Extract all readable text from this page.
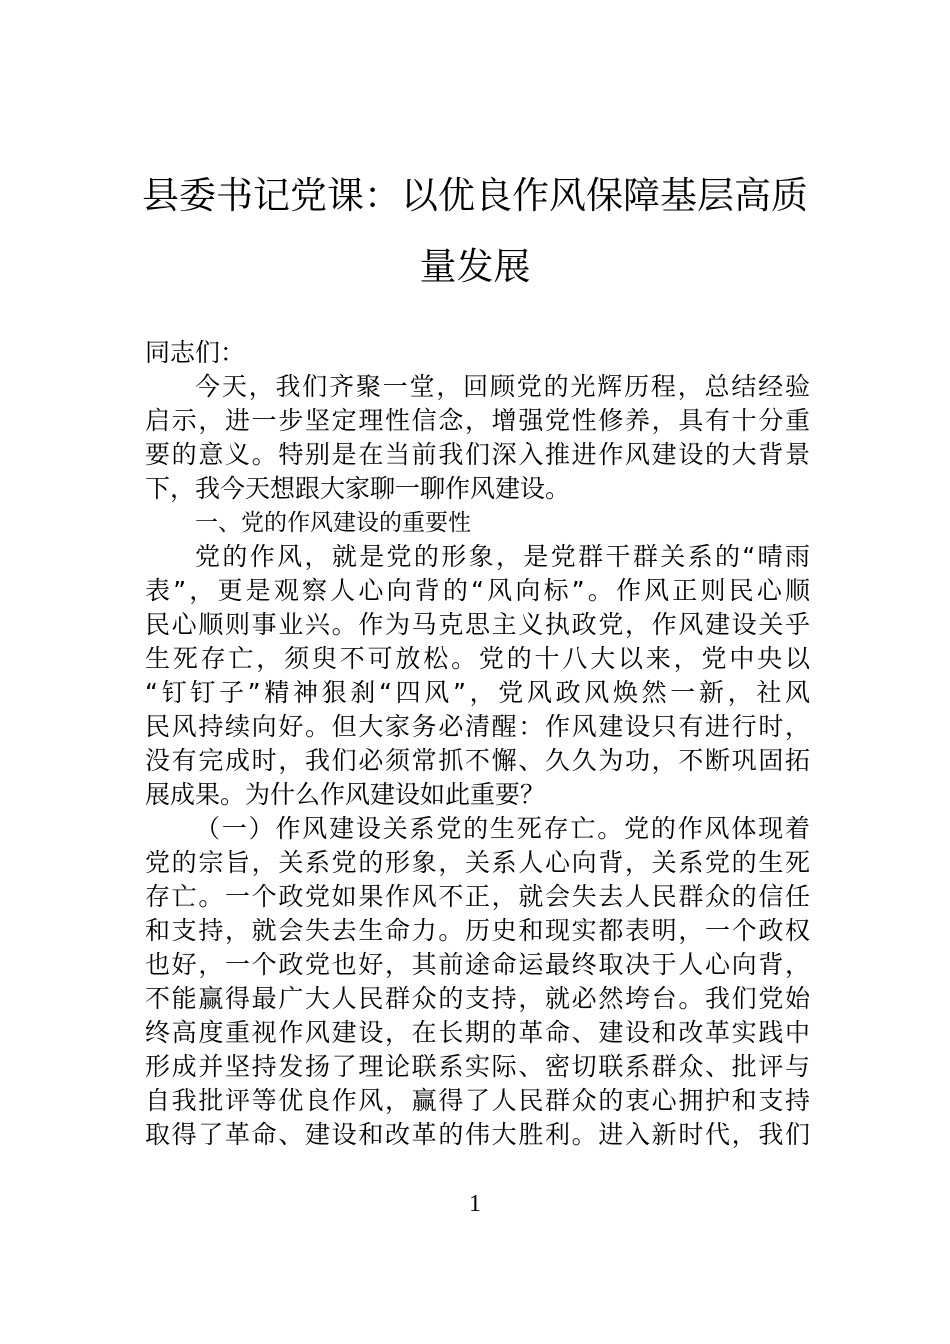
县委书记党课：以优良作风保障基层高质
量发展
同志们：
今天，我们齐聚一堂，回顾党的光辉历程，总结经验
启示，进一步坚定理性信念，增强党性修养，具有十分重
要的意义。特别是在当前我们深入推进作风建设的大背景
下，我今天想跟大家聊一聊作风建设。
一、党的作风建设的重要性
党的作风，就是党的形象，是党群干群关系的“晴雨
表”，更是观察人心向背的“风向标”。作风正则民心顺
民心顺则事业兴。作为马克思主义执政党，作风建设关乎
生死存亡，须臾不可放松。党的十八大以来，党中央以
“钉钉子”精神狠刹“四风”，党风政风焕然一新，社风
民风持续向好。但大家务必清醒：作风建设只有进行时，
没有完成时，我们必须常抓不懈、久久为功，不断巩固拓
展成果。为什么作风建设如此重要？
（一）作风建设关系党的生死存亡。党的作风体现着
党的宗旨，关系党的形象，关系人心向背，关系党的生死
存亡。一个政党如果作风不正，就会失去人民群众的信任
和支持，就会失去生命力。历史和现实都表明，一个政权
也好，一个政党也好，其前途命运最终取决于人心向背，
不能赢得最广大人民群众的支持，就必然垮台。我们党始
终高度重视作风建设，在长期的革命、建设和改革实践中
形成并坚持发扬了理论联系实际、密切联系群众、批评与
自我批评等优良作风，赢得了人民群众的衷心拥护和支持
取得了革命、建设和改革的伟大胜利。进入新时代，我们
1
